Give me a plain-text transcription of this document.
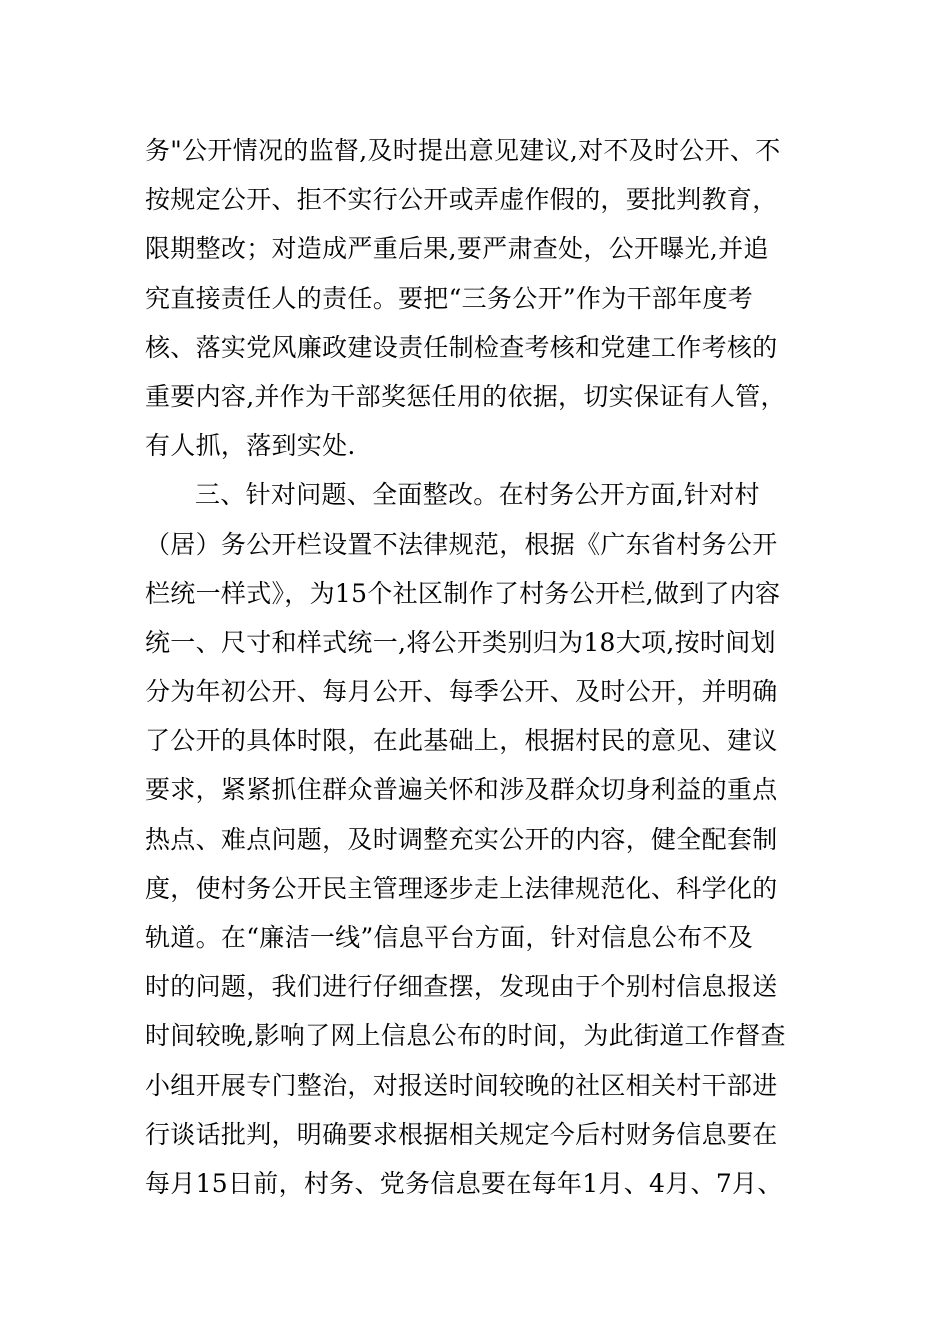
务"公开情况的监督,及时提出意见建议,对不及时公开、不
按规定公开、拒不实行公开或弄虚作假的，要批判教育，
限期整改；对造成严重后果,要严肃查处，公开曝光,并追
究直接责任人的责任。要把“三务公开”作为干部年度考
核、落实党风廉政建设责任制检查考核和党建工作考核的
重要内容,并作为干部奖惩任用的依据，切实保证有人管，
有人抓，落到实处.
三、针对问题、全面整改。在村务公开方面,针对村
（居）务公开栏设置不法律规范，根据《广东省村务公开
栏统一样式》，为15个社区制作了村务公开栏,做到了内容
统一、尺寸和样式统一,将公开类别归为18大项,按时间划
分为年初公开、每月公开、每季公开、及时公开，并明确
了公开的具体时限，在此基础上，根据村民的意见、建议
要求，紧紧抓住群众普遍关怀和涉及群众切身利益的重点
热点、难点问题，及时调整充实公开的内容，健全配套制
度，使村务公开民主管理逐步走上法律规范化、科学化的
轨道。在“廉洁一线”信息平台方面，针对信息公布不及
时的问题，我们进行仔细查摆，发现由于个别村信息报送
时间较晚,影响了网上信息公布的时间，为此街道工作督查
小组开展专门整治，对报送时间较晚的社区相关村干部进
行谈话批判，明确要求根据相关规定今后村财务信息要在
每月15日前，村务、党务信息要在每年1月、4月、7月、
